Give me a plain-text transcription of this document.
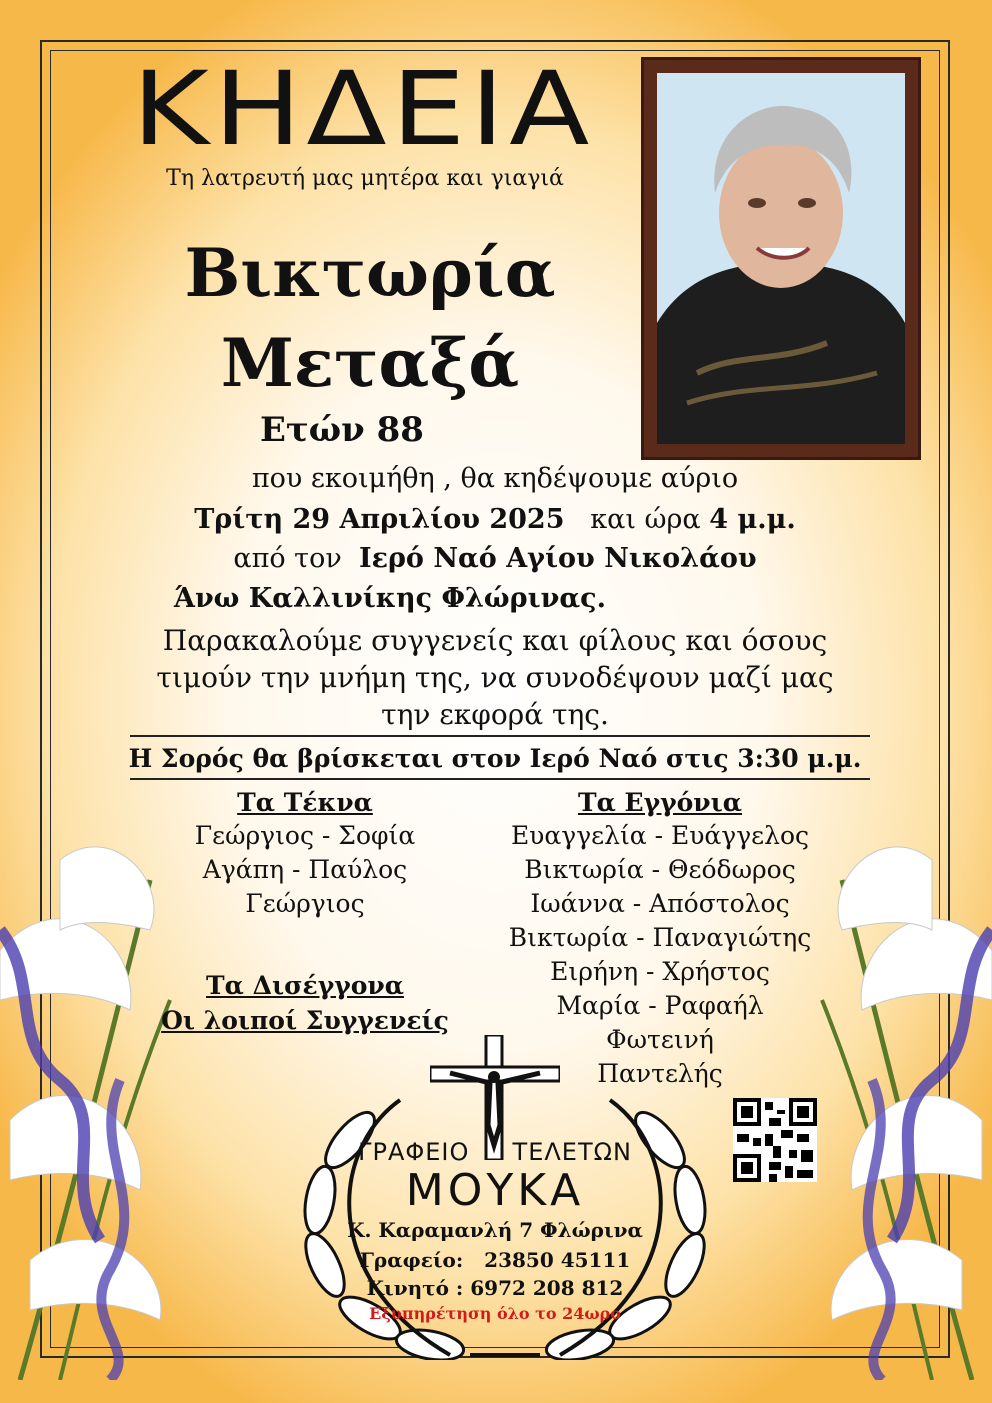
ΚΗΔΕΙΑ
Τη λατρευτή μας μητέρα και γιαγιά
Βικτωρία
Μεταξά
Ετών 88
που εκοιμήθη , θα κηδέψουμε αύριο
Τρίτη 29 Απριλίου 2025 και ώρα 4 μ.μ.
από τον Ιερό Ναό Αγίου Νικολάου
Άνω Καλλινίκης Φλώρινας.
Παρακαλούμε συγγενείς και φίλους και όσους
τιμούν την μνήμη της, να συνοδέψουν μαζί μας
την εκφορά της.
Η Σορός θα βρίσκεται στον Ιερό Ναό στις 3:30 μ.μ.
Τα Τέκνα
Γεώργιος - Σοφία
Αγάπη - Παύλος
Γεώργιος
Τα Δισέγγονα
Οι λοιποί Συγγενείς
Τα Εγγόνια
Ευαγγελία - Ευάγγελος
Βικτωρία - Θεόδωρος
Ιωάννα - Απόστολος
Βικτωρία - Παναγιώτης
Ειρήνη - Χρήστος
Μαρία - Ραφαήλ
Φωτεινή
Παντελής
ΓΡΑΦΕΙΟ ΤΕΛΕΤΩΝ
ΜΟΥΚΑ
Κ. Καραμανλή 7 Φλώρινα
Γραφείο: 23850 45111
Κινητό : 6972 208 812
Εξυπηρέτηση όλο το 24ωρο
